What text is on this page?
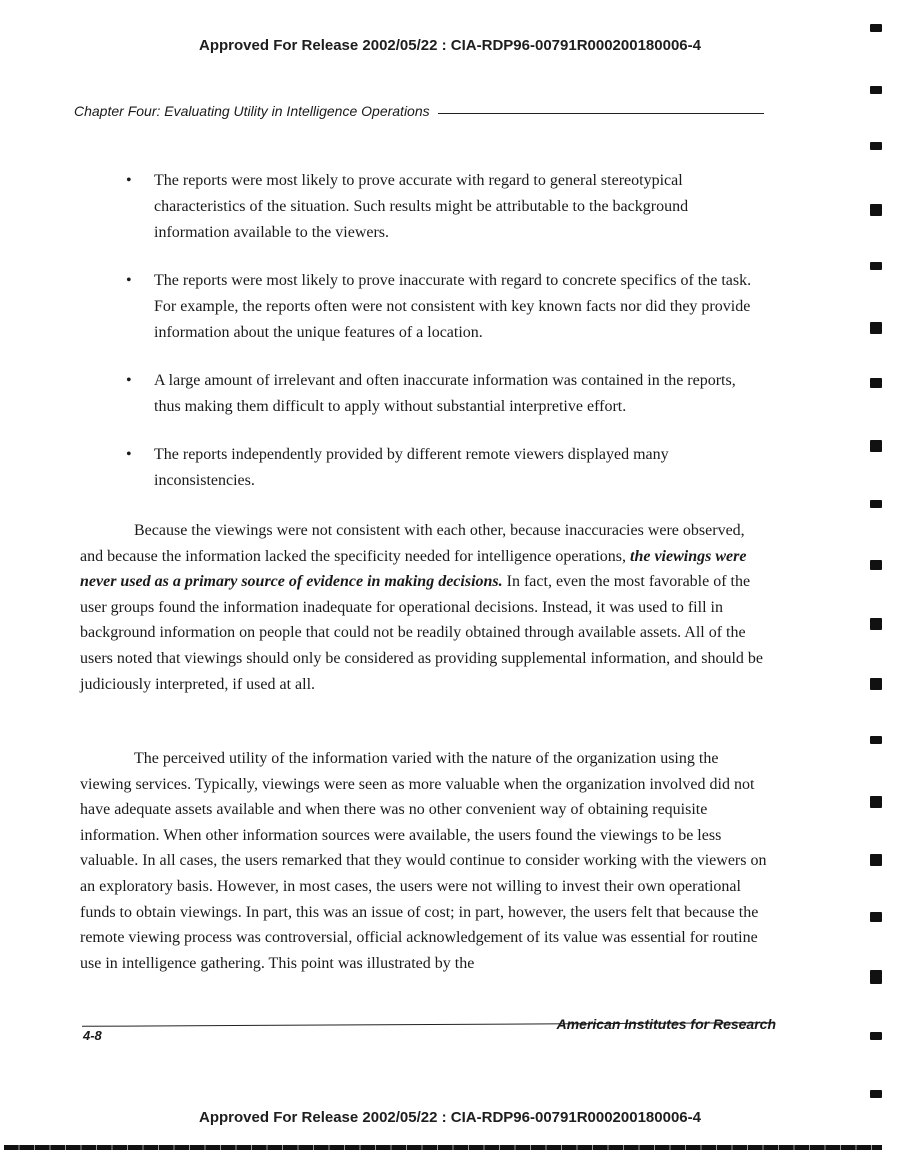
Approved For Release 2002/05/22 : CIA-RDP96-00791R000200180006-4
Chapter Four: Evaluating Utility in Intelligence Operations
•	The reports were most likely to prove accurate with regard to general stereotypical characteristics of the situation. Such results might be attributable to the background information available to the viewers.
•	The reports were most likely to prove inaccurate with regard to concrete specifics of the task. For example, the reports often were not consistent with key known facts nor did they provide information about the unique features of a location.
•	A large amount of irrelevant and often inaccurate information was contained in the reports, thus making them difficult to apply without substantial interpretive effort.
•	The reports independently provided by different remote viewers displayed many inconsistencies.

Because the viewings were not consistent with each other, because inaccuracies were observed, and because the information lacked the specificity needed for intelligence operations, the viewings were never used as a primary source of evidence in making decisions. In fact, even the most favorable of the user groups found the information inadequate for operational decisions. Instead, it was used to fill in background information on people that could not be readily obtained through available assets. All of the users noted that viewings should only be considered as providing supplemental information, and should be judiciously interpreted, if used at all.

The perceived utility of the information varied with the nature of the organization using the viewing services. Typically, viewings were seen as more valuable when the organization involved did not have adequate assets available and when there was no other convenient way of obtaining requisite information. When other information sources were available, the users found the viewings to be less valuable. In all cases, the users remarked that they would continue to consider working with the viewers on an exploratory basis. However, in most cases, the users were not willing to invest their own operational funds to obtain viewings. In part, this was an issue of cost; in part, however, the users felt that because the remote viewing process was controversial, official acknowledgement of its value was essential for routine use in intelligence gathering. This point was illustrated by the

American Institutes for Research
4-8
Approved For Release 2002/05/22 : CIA-RDP96-00791R000200180006-4
